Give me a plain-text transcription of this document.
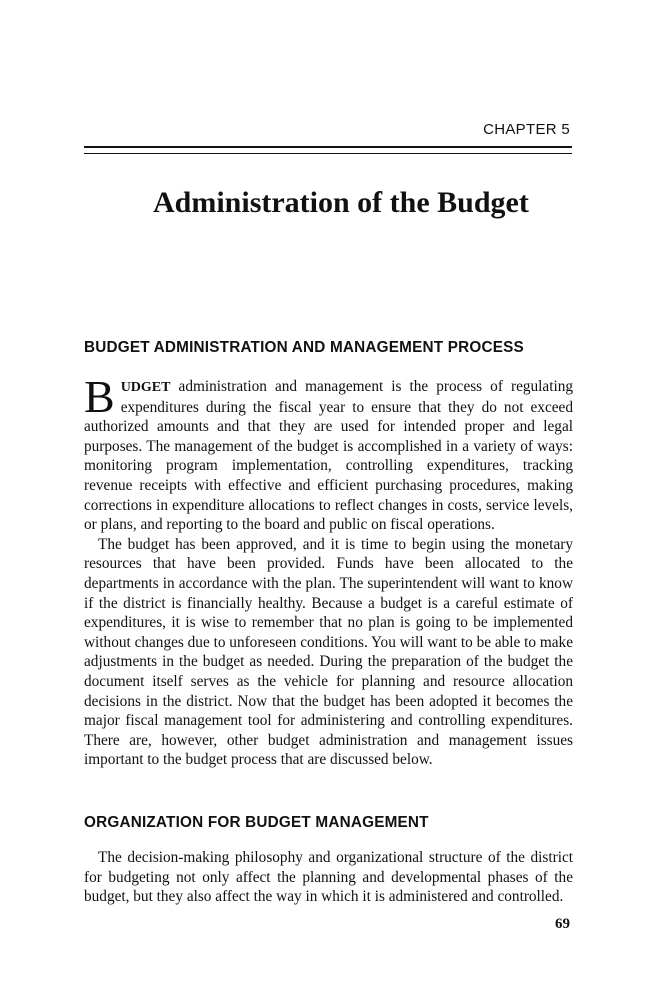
CHAPTER 5
Administration of the Budget
BUDGET ADMINISTRATION AND MANAGEMENT PROCESS

BUDGET administration and management is the process of regulating expenditures during the fiscal year to ensure that they do not exceed authorized amounts and that they are used for intended proper and legal purposes. The management of the budget is accomplished in a variety of ways: monitoring program implementation, controlling expenditures, tracking revenue receipts with effective and efficient purchasing procedures, making corrections in expenditure allocations to reflect changes in costs, service levels, or plans, and reporting to the board and public on fiscal operations.

The budget has been approved, and it is time to begin using the monetary resources that have been provided. Funds have been allocated to the departments in accordance with the plan. The superintendent will want to know if the district is financially healthy. Because a budget is a careful estimate of expenditures, it is wise to remember that no plan is going to be implemented without changes due to unforeseen conditions. You will want to be able to make adjustments in the budget as needed. During the preparation of the budget the document itself serves as the vehicle for planning and resource allocation decisions in the district. Now that the budget has been adopted it becomes the major fiscal management tool for administering and controlling expenditures. There are, however, other budget administration and management issues important to the budget process that are discussed below.

ORGANIZATION FOR BUDGET MANAGEMENT

The decision-making philosophy and organizational structure of the district for budgeting not only affect the planning and developmental phases of the budget, but they also affect the way in which it is administered and controlled.

69
